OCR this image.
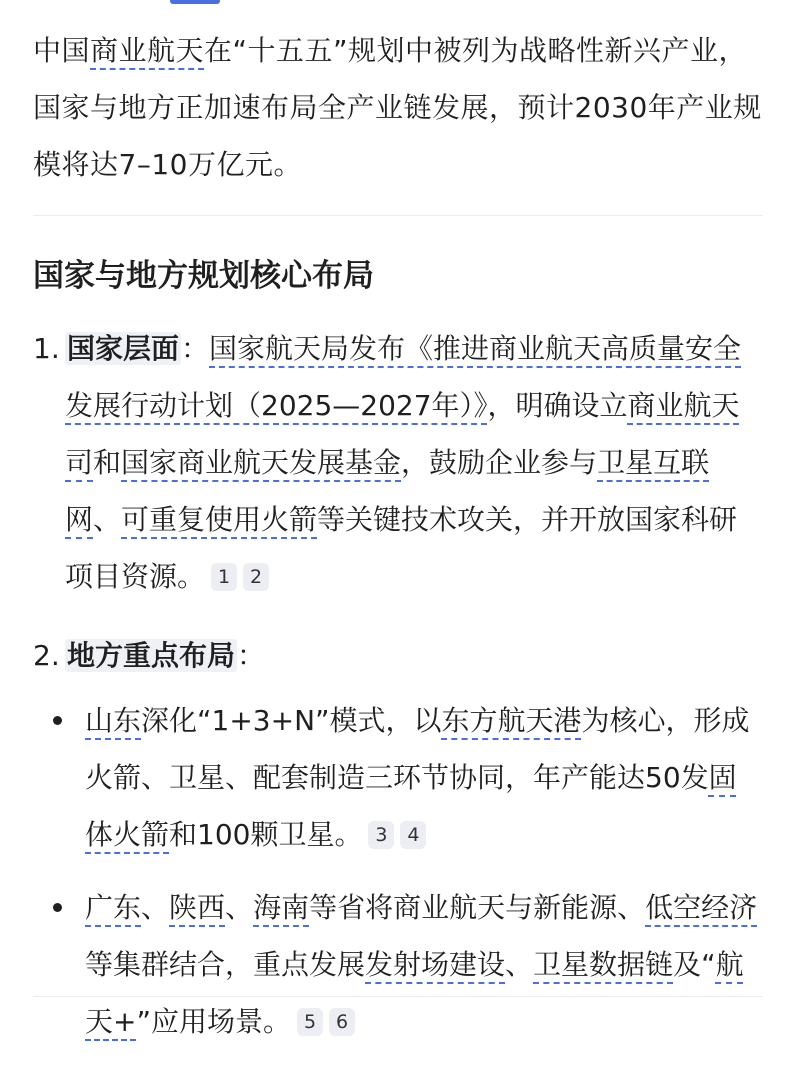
中国商业航天在“十五五”规划中被列为战略性新兴产业，国家与地方正加速布局全产业链发展，预计2030年产业规模将达7–10万亿元。

国家与地方规划核心布局
1. 国家层面：国家航天局发布《推进商业航天高质量安全发展行动计划（2025—2027年）》，明确设立商业航天司和国家商业航天发展基金，鼓励企业参与卫星互联网、可重复使用火箭等关键技术攻关，并开放国家科研项目资源。 1 2
2. 地方重点布局：
山东深化“1+3+N”模式，以东方航天港为核心，形成火箭、卫星、配套制造三环节协同，年产能达50发固体火箭和100颗卫星。 3 4
广东、陕西、海南等省将商业航天与新能源、低空经济等集群结合，重点发展发射场建设、卫星数据链及“航天+”应用场景。 5 6
